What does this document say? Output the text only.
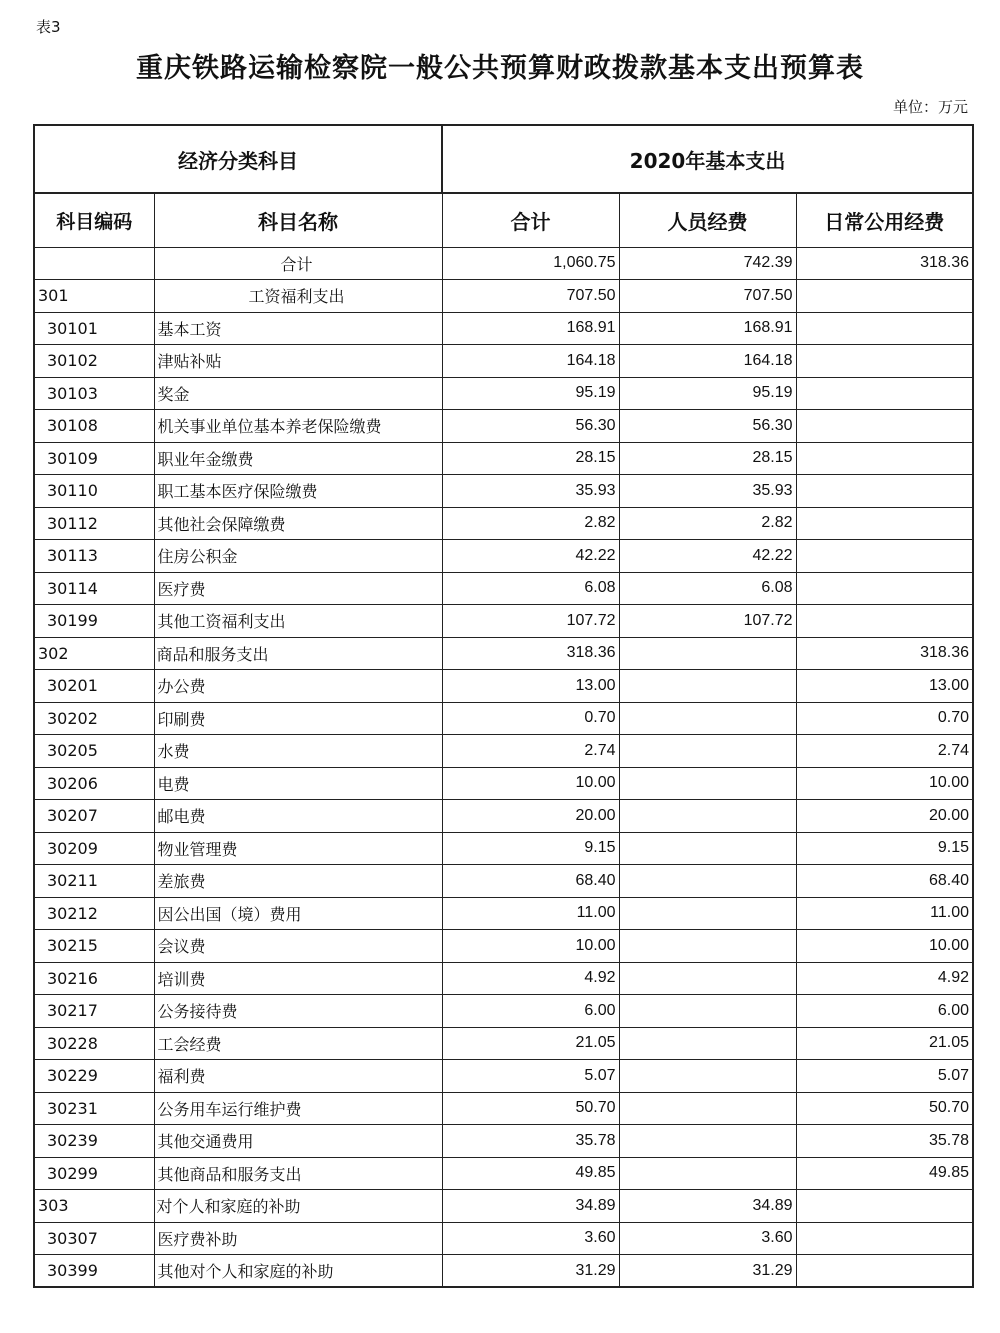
表3
重庆铁路运输检察院一般公共预算财政拨款基本支出预算表
单位：万元
经济分类科目		2020年基本支出		
科目编码	科目名称	合计	人员经费	日常公用经费
	合计	1,060.75	742.39	318.36
301	工资福利支出	707.50	707.50	
30101	基本工资	168.91	168.91	
30102	津贴补贴	164.18	164.18	
30103	奖金	95.19	95.19	
30108	机关事业单位基本养老保险缴费	56.30	56.30	
30109	职业年金缴费	28.15	28.15	
30110	职工基本医疗保险缴费	35.93	35.93	
30112	其他社会保障缴费	2.82	2.82	
30113	住房公积金	42.22	42.22	
30114	医疗费	6.08	6.08	
30199	其他工资福利支出	107.72	107.72	
302	商品和服务支出	318.36		318.36
30201	办公费	13.00		13.00
30202	印刷费	0.70		0.70
30205	水费	2.74		2.74
30206	电费	10.00		10.00
30207	邮电费	20.00		20.00
30209	物业管理费	9.15		9.15
30211	差旅费	68.40		68.40
30212	因公出国（境）费用	11.00		11.00
30215	会议费	10.00		10.00
30216	培训费	4.92		4.92
30217	公务接待费	6.00		6.00
30228	工会经费	21.05		21.05
30229	福利费	5.07		5.07
30231	公务用车运行维护费	50.70		50.70
30239	其他交通费用	35.78		35.78
30299	其他商品和服务支出	49.85		49.85
303	对个人和家庭的补助	34.89	34.89	
30307	医疗费补助	3.60	3.60	
30399	其他对个人和家庭的补助	31.29	31.29	
